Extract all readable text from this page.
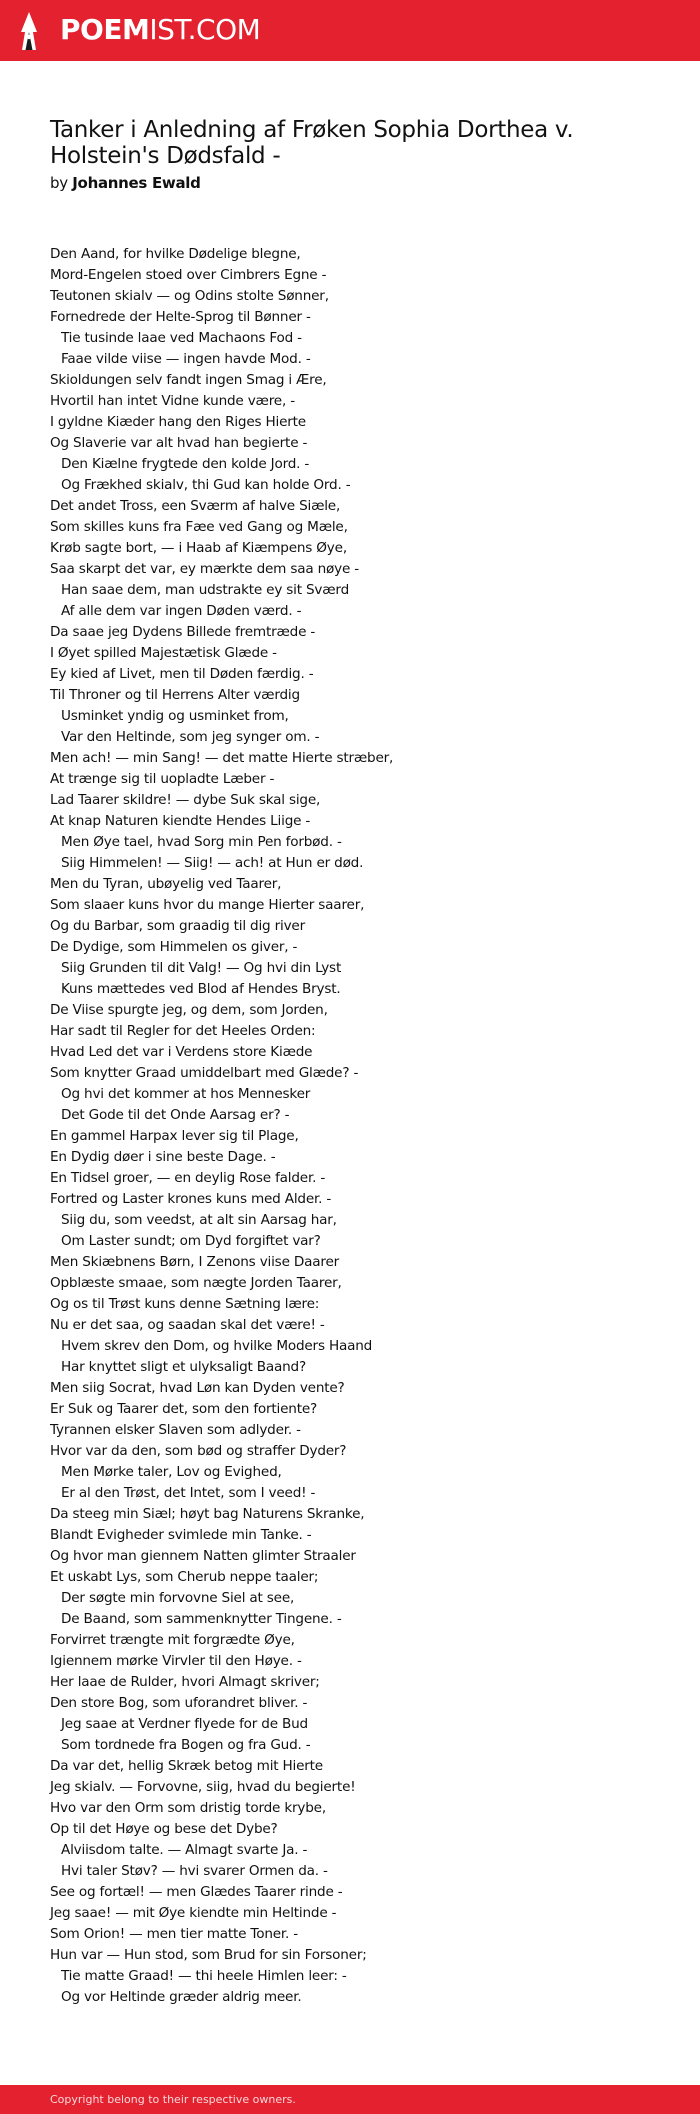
POEMIST.COM
Tanker i Anledning af Frøken Sophia Dorthea v. Holstein's Dødsfald -
by Johannes Ewald
Den Aand, for hvilke Dødelige blegne,
Mord-Engelen stoed over Cimbrers Egne -
Teutonen skialv — og Odins stolte Sønner,
Fornedrede der Helte-Sprog til Bønner -
Tie tusinde laae ved Machaons Fod -
Faae vilde viise — ingen havde Mod. -
Skioldungen selv fandt ingen Smag i Ære,
Hvortil han intet Vidne kunde være, -
I gyldne Kiæder hang den Riges Hierte
Og Slaverie var alt hvad han begierte -
Den Kiælne frygtede den kolde Jord. -
Og Frækhed skialv, thi Gud kan holde Ord. -
Det andet Tross, een Sværm af halve Siæle,
Som skilles kuns fra Fæe ved Gang og Mæle,
Krøb sagte bort, — i Haab af Kiæmpens Øye,
Saa skarpt det var, ey mærkte dem saa nøye -
Han saae dem, man udstrakte ey sit Sværd
Af alle dem var ingen Døden værd. -
Da saae jeg Dydens Billede fremtræde -
I Øyet spilled Majestætisk Glæde -
Ey kied af Livet, men til Døden færdig. -
Til Throner og til Herrens Alter værdig
Usminket yndig og usminket from,
Var den Heltinde, som jeg synger om. -
Men ach! — min Sang! — det matte Hierte stræber,
At trænge sig til uopladte Læber -
Lad Taarer skildre! — dybe Suk skal sige,
At knap Naturen kiendte Hendes Liige -
Men Øye tael, hvad Sorg min Pen forbød. -
Siig Himmelen! — Siig! — ach! at Hun er død.
Men du Tyran, ubøyelig ved Taarer,
Som slaaer kuns hvor du mange Hierter saarer,
Og du Barbar, som graadig til dig river
De Dydige, som Himmelen os giver, -
Siig Grunden til dit Valg! — Og hvi din Lyst
Kuns mættedes ved Blod af Hendes Bryst.
De Viise spurgte jeg, og dem, som Jorden,
Har sadt til Regler for det Heeles Orden:
Hvad Led det var i Verdens store Kiæde
Som knytter Graad umiddelbart med Glæde? -
Og hvi det kommer at hos Mennesker
Det Gode til det Onde Aarsag er? -
En gammel Harpax lever sig til Plage,
En Dydig døer i sine beste Dage. -
En Tidsel groer, — en deylig Rose falder. -
Fortred og Laster krones kuns med Alder. -
Siig du, som veedst, at alt sin Aarsag har,
Om Laster sundt; om Dyd forgiftet var?
Men Skiæbnens Børn, I Zenons viise Daarer
Opblæste smaae, som nægte Jorden Taarer,
Og os til Trøst kuns denne Sætning lære:
Nu er det saa, og saadan skal det være! -
Hvem skrev den Dom, og hvilke Moders Haand
Har knyttet sligt et ulyksaligt Baand?
Men siig Socrat, hvad Løn kan Dyden vente?
Er Suk og Taarer det, som den fortiente?
Tyrannen elsker Slaven som adlyder. -
Hvor var da den, som bød og straffer Dyder?
Men Mørke taler, Lov og Evighed,
Er al den Trøst, det Intet, som I veed! -
Da steeg min Siæl; høyt bag Naturens Skranke,
Blandt Evigheder svimlede min Tanke. -
Og hvor man giennem Natten glimter Straaler
Et uskabt Lys, som Cherub neppe taaler;
Der søgte min forvovne Siel at see,
De Baand, som sammenknytter Tingene. -
Forvirret trængte mit forgrædte Øye,
Igiennem mørke Virvler til den Høye. -
Her laae de Rulder, hvori Almagt skriver;
Den store Bog, som uforandret bliver. -
Jeg saae at Verdner flyede for de Bud
Som tordnede fra Bogen og fra Gud. -
Da var det, hellig Skræk betog mit Hierte
Jeg skialv. — Forvovne, siig, hvad du begierte!
Hvo var den Orm som dristig torde krybe,
Op til det Høye og bese det Dybe?
Alviisdom talte. — Almagt svarte Ja. -
Hvi taler Støv? — hvi svarer Ormen da. -
See og fortæl! — men Glædes Taarer rinde -
Jeg saae! — mit Øye kiendte min Heltinde -
Som Orion! — men tier matte Toner. -
Hun var — Hun stod, som Brud for sin Forsoner;
Tie matte Graad! — thi heele Himlen leer: -
Og vor Heltinde græder aldrig meer.
Copyright belong to their respective owners.
